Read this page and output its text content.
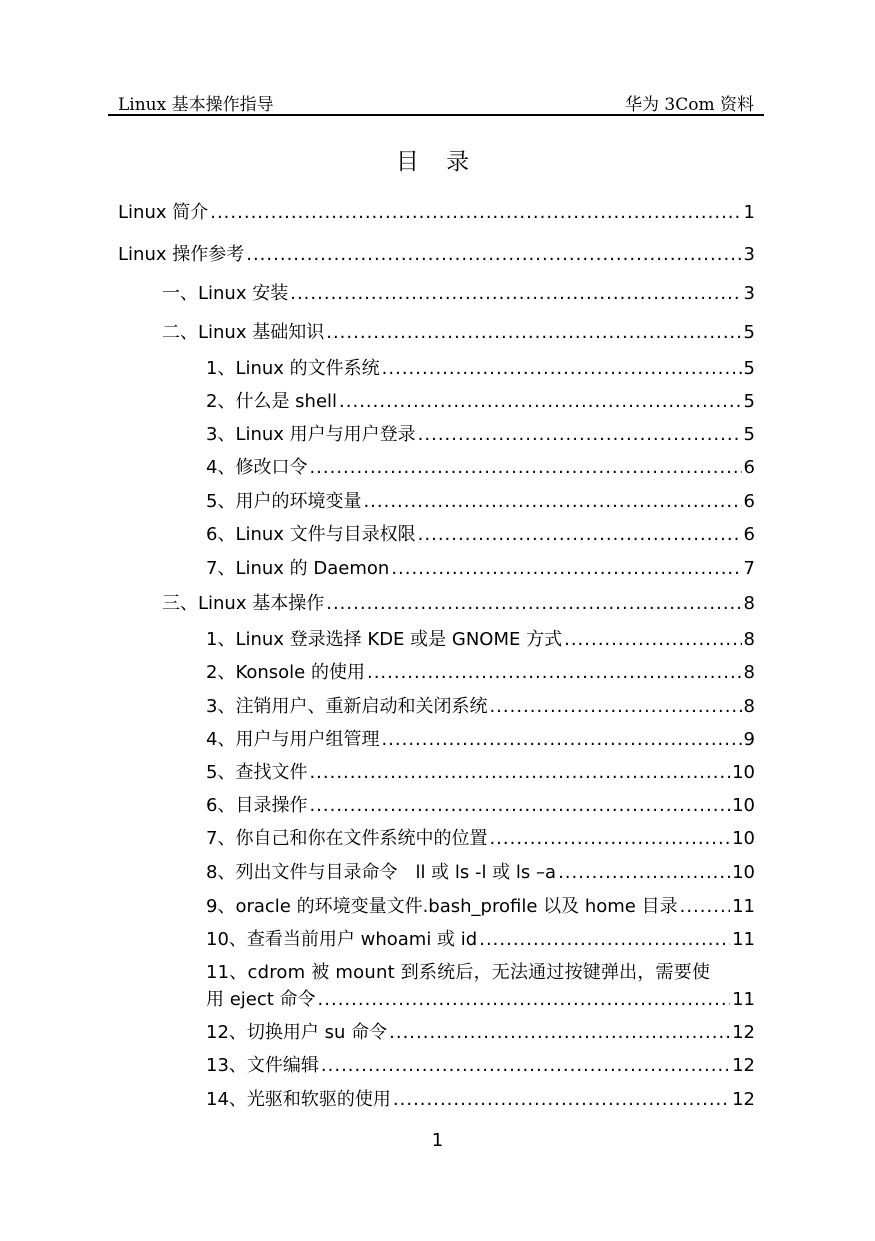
Linux 基本操作指导	华为 3Com 资料
目 录
Linux 简介 .....	1
Linux 操作参考 .....	3
一、Linux 安装 .....	3
二、Linux 基础知识 .....	5
1、Linux 的文件系统 .....	5
2、什么是 shell .....	5
3、Linux 用户与用户登录 .....	5
4、修改口令 .....	6
5、用户的环境变量 .....	6
6、Linux 文件与目录权限 .....	6
7、Linux 的 Daemon .....	7
三、Linux 基本操作 .....	8
1、Linux 登录选择 KDE 或是 GNOME 方式 .....	8
2、Konsole 的使用 .....	8
3、注销用户、重新启动和关闭系统 .....	8
4、用户与用户组管理 .....	9
5、查找文件 .....	10
6、目录操作 .....	10
7、你自己和你在文件系统中的位置 .....	10
8、列出文件与目录命令　ll 或 ls -l 或 ls –a .....	10
9、oracle 的环境变量文件.bash_profile 以及 home 目录 .....	11
10、查看当前用户 whoami 或 id .....	11
11、cdrom 被 mount 到系统后，无法通过按键弹出，需要使
用 eject 命令 .....	11
12、切换用户 su 命令 .....	12
13、文件编辑 .....	12
14、光驱和软驱的使用 .....	12
1
